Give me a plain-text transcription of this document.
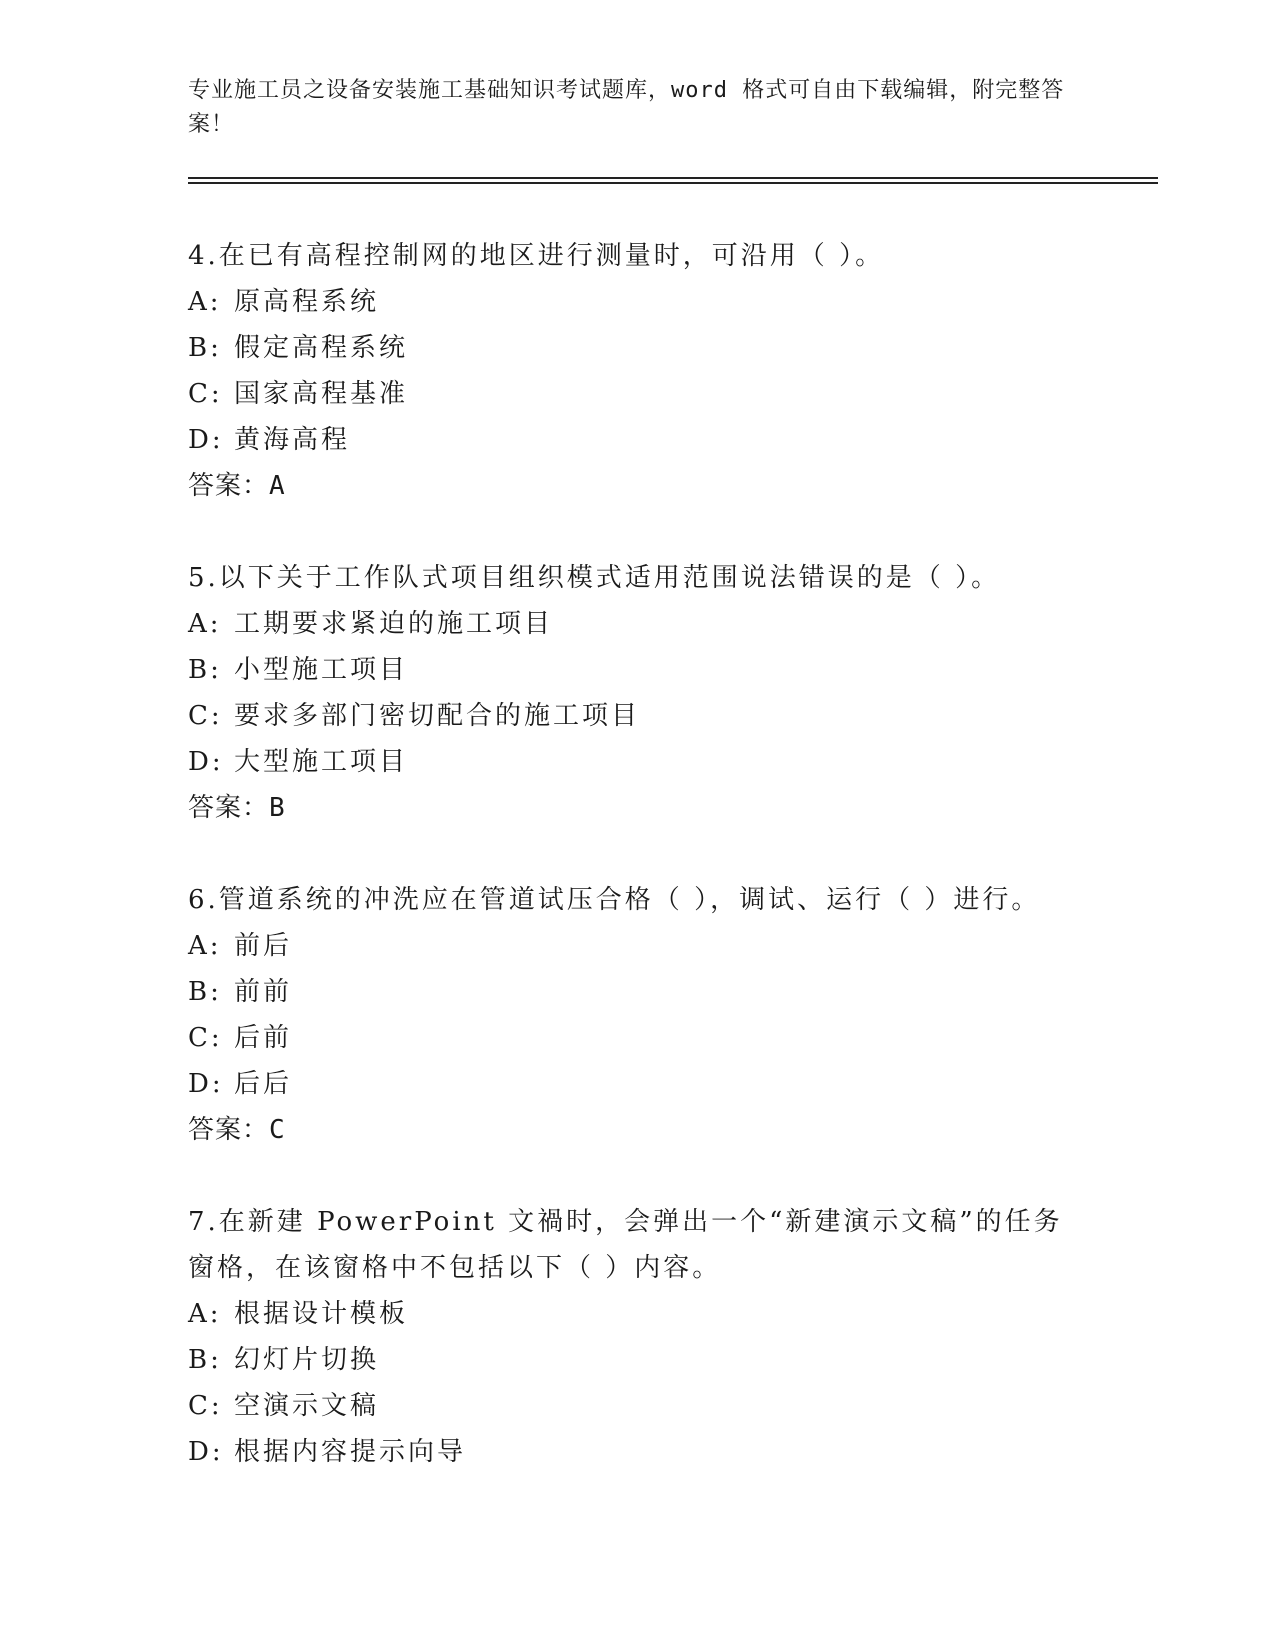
专业施工员之设备安装施工基础知识考试题库，word 格式可自由下载编辑，附完整答案！

4.在已有高程控制网的地区进行测量时，可沿用（ ）。

A: 原高程系统
B: 假定高程系统
C: 国家高程基准
D: 黄海高程
答案：A

5.以下关于工作队式项目组织模式适用范围说法错误的是（ ）。

A: 工期要求紧迫的施工项目
B: 小型施工项目
C: 要求多部门密切配合的施工项目
D: 大型施工项目
答案：B

6.管道系统的冲洗应在管道试压合格（ ），调试、运行（ ）进行。

A: 前后
B: 前前
C: 后前
D: 后后
答案：C

7.在新建 PowerPoint 文禍时，会弹出一个“新建演示文稿”的任务窗格，在该窗格中不包括以下（ ）内容。

A: 根据设计模板
B: 幻灯片切换
C: 空演示文稿
D: 根据内容提示向导
